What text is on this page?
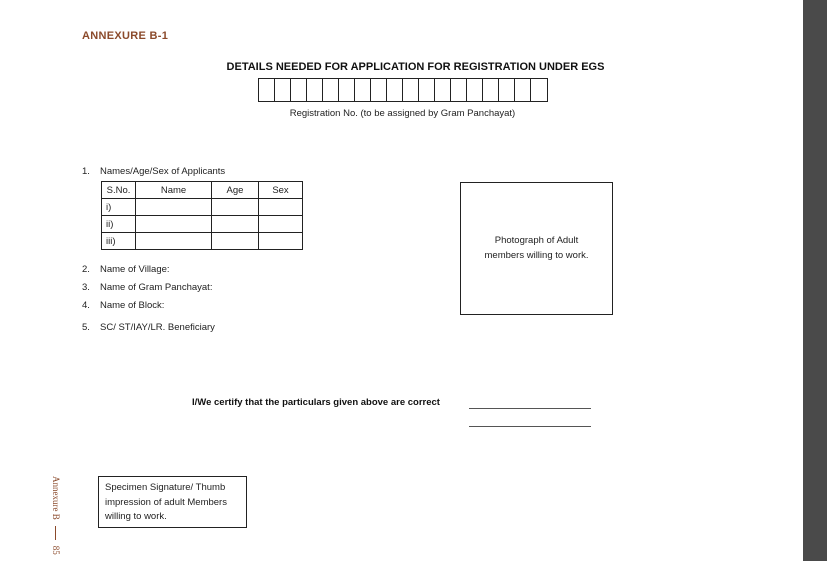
ANNEXURE B-1
DETAILS NEEDED FOR APPLICATION FOR REGISTRATION UNDER EGS
Registration No. (to be assigned by Gram Panchayat)
1. Names/Age/Sex of Applicants
S.No.	Name	Age	Sex
i)			
ii)			
iii)			
2. Name of Village:
3. Name of Gram Panchayat:
4. Name of Block:
5. SC/ ST/IAY/LR. Beneficiary
Photograph of Adult members willing to work.
I/We certify that the particulars given above are correct
Specimen Signature/ Thumb impression of adult Members willing to work.
Annexure B
85
